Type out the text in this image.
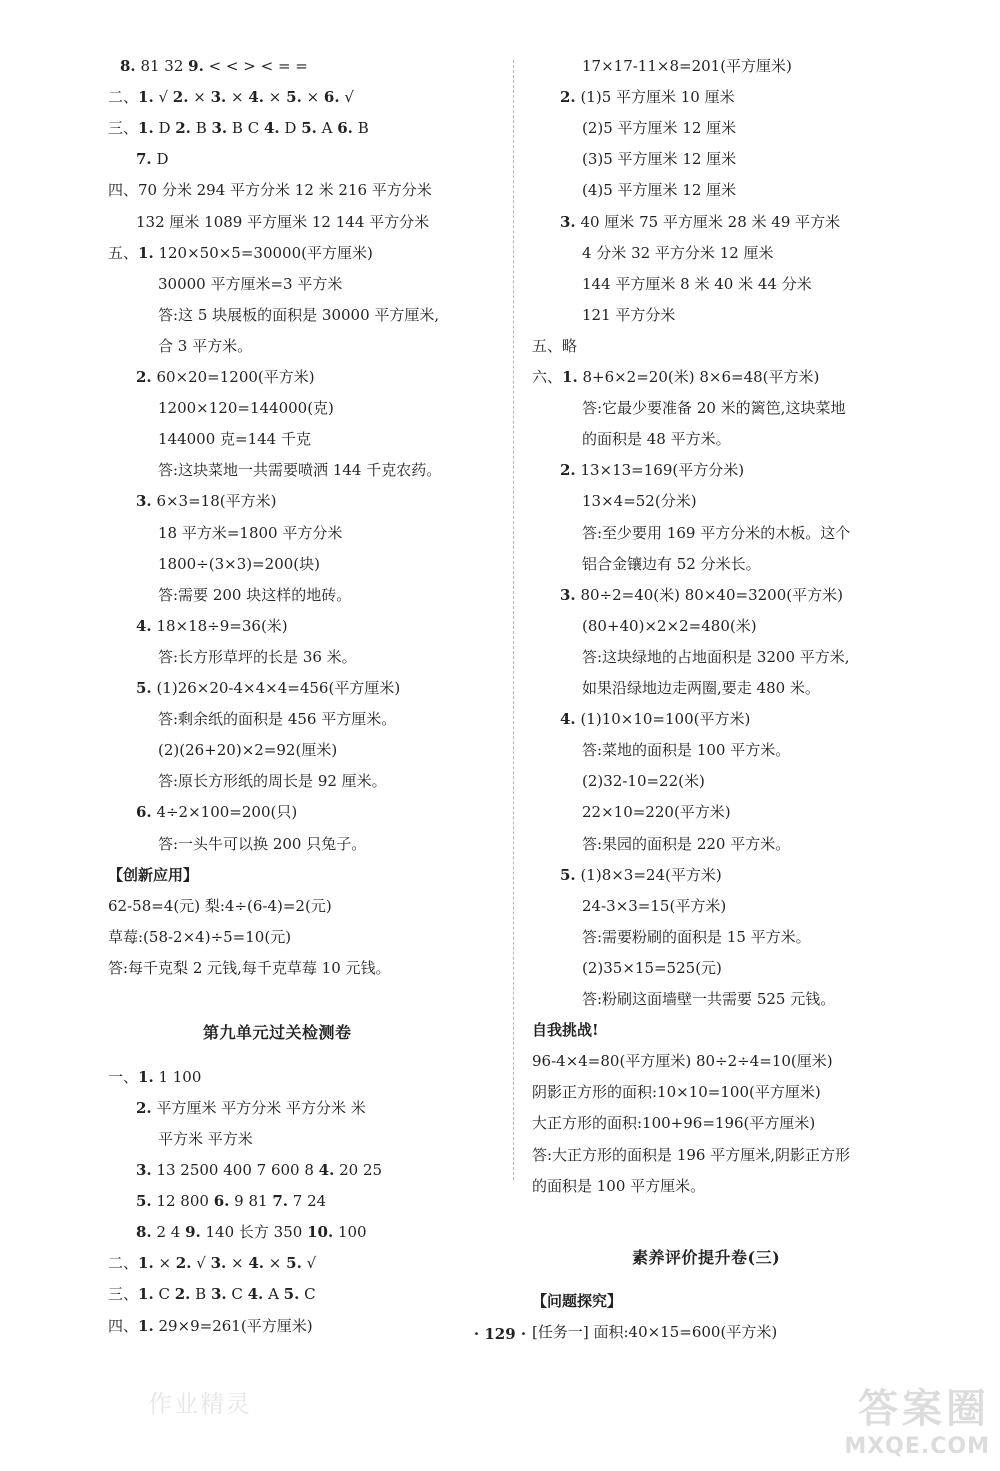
8. 81 32 9. < < > < = =
二、1. √ 2. × 3. × 4. × 5. × 6. √
三、1. D 2. B 3. B C 4. D 5. A 6. B
7. D
四、70 分米 294 平方分米 12 米 216 平方分米
132 厘米 1089 平方厘米 12 144 平方分米
五、1. 120×50×5=30000(平方厘米)
30000 平方厘米=3 平方米
答:这 5 块展板的面积是 30000 平方厘米,
合 3 平方米。
2. 60×20=1200(平方米)
1200×120=144000(克)
144000 克=144 千克
答:这块菜地一共需要喷洒 144 千克农药。
3. 6×3=18(平方米)
18 平方米=1800 平方分米
1800÷(3×3)=200(块)
答:需要 200 块这样的地砖。
4. 18×18÷9=36(米)
答:长方形草坪的长是 36 米。
5. (1)26×20-4×4×4=456(平方厘米)
答:剩余纸的面积是 456 平方厘米。
(2)(26+20)×2=92(厘米)
答:原长方形纸的周长是 92 厘米。
6. 4÷2×100=200(只)
答:一头牛可以换 200 只兔子。
【创新应用】
62-58=4(元) 梨:4÷(6-4)=2(元)
草莓:(58-2×4)÷5=10(元)
答:每千克梨 2 元钱,每千克草莓 10 元钱。
一、1. 1 100
2. 平方厘米 平方分米 平方分米 米
平方米 平方米
3. 13 2500 400 7 600 8 4. 20 25
5. 12 800 6. 9 81 7. 7 24
8. 2 4 9. 140 长方 350 10. 100
二、1. × 2. √ 3. × 4. × 5. √
三、1. C 2. B 3. C 4. A 5. C
四、1. 29×9=261(平方厘米)
第九单元过关检测卷
17×17-11×8=201(平方厘米)
2. (1)5 平方厘米 10 厘米
(2)5 平方厘米 12 厘米
(3)5 平方厘米 12 厘米
(4)5 平方厘米 12 厘米
3. 40 厘米 75 平方厘米 28 米 49 平方米
4 分米 32 平方分米 12 厘米
144 平方厘米 8 米 40 米 44 分米
121 平方分米
五、略
六、1. 8+6×2=20(米) 8×6=48(平方米)
答:它最少要准备 20 米的篱笆,这块菜地
的面积是 48 平方米。
2. 13×13=169(平方分米)
13×4=52(分米)
答:至少要用 169 平方分米的木板。这个
铝合金镶边有 52 分米长。
3. 80÷2=40(米) 80×40=3200(平方米)
(80+40)×2×2=480(米)
答:这块绿地的占地面积是 3200 平方米,
如果沿绿地边走两圈,要走 480 米。
4. (1)10×10=100(平方米)
答:菜地的面积是 100 平方米。
(2)32-10=22(米)
22×10=220(平方米)
答:果园的面积是 220 平方米。
5. (1)8×3=24(平方米)
24-3×3=15(平方米)
答:需要粉刷的面积是 15 平方米。
(2)35×15=525(元)
答:粉刷这面墙壁一共需要 525 元钱。
自我挑战!
96-4×4=80(平方厘米) 80÷2÷4=10(厘米)
阴影正方形的面积:10×10=100(平方厘米)
大正方形的面积:100+96=196(平方厘米)
答:大正方形的面积是 196 平方厘米,阴影正方形
的面积是 100 平方厘米。
【问题探究】
[任务一] 面积:40×15=600(平方米)
素养评价提升卷(三)
· 129 ·
作业精灵	答案圈
MXQE.COM
